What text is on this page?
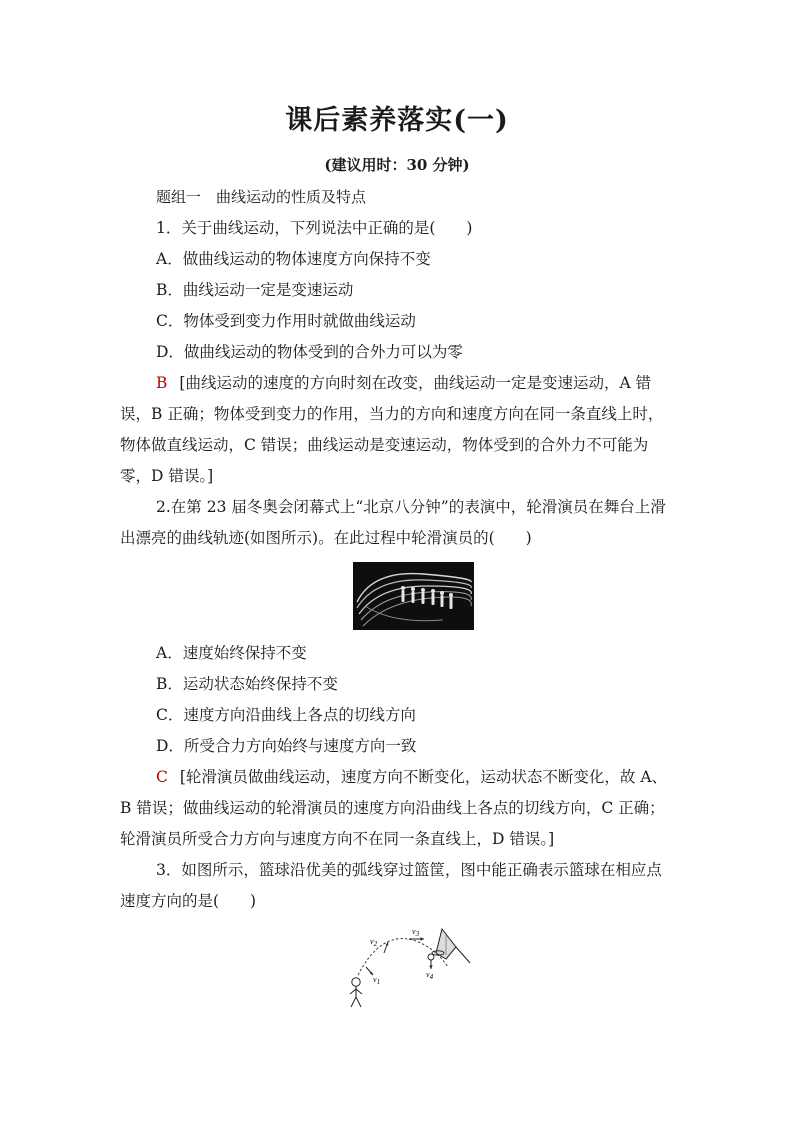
课后素养落实(一)
(建议用时：30 分钟)

题组一　曲线运动的性质及特点

1．关于曲线运动，下列说法中正确的是(　　)

A．做曲线运动的物体速度方向保持不变

B．曲线运动一定是变速运动

C．物体受到变力作用时就做曲线运动

D．做曲线运动的物体受到的合外力可以为零

B [曲线运动的速度的方向时刻在改变，曲线运动一定是变速运动，A 错误，B 正确；物体受到变力的作用，当力的方向和速度方向在同一条直线上时，物体做直线运动，C 错误；曲线运动是变速运动，物体受到的合外力不可能为零，D 错误。]

2.在第 23 届冬奥会闭幕式上“北京八分钟”的表演中，轮滑演员在舞台上滑出漂亮的曲线轨迹(如图所示)。在此过程中轮滑演员的(　　)

A．速度始终保持不变

B．运动状态始终保持不变

C．速度方向沿曲线上各点的切线方向

D．所受合力方向始终与速度方向一致

C [轮滑演员做曲线运动，速度方向不断变化，运动状态不断变化，故 A、B 错误；做曲线运动的轮滑演员的速度方向沿曲线上各点的切线方向，C 正确；轮滑演员所受合力方向与速度方向不在同一条直线上，D 错误。]

3．如图所示，篮球沿优美的弧线穿过篮筐，图中能正确表示篮球在相应点速度方向的是(　　)

v1
v2
v3
v4
